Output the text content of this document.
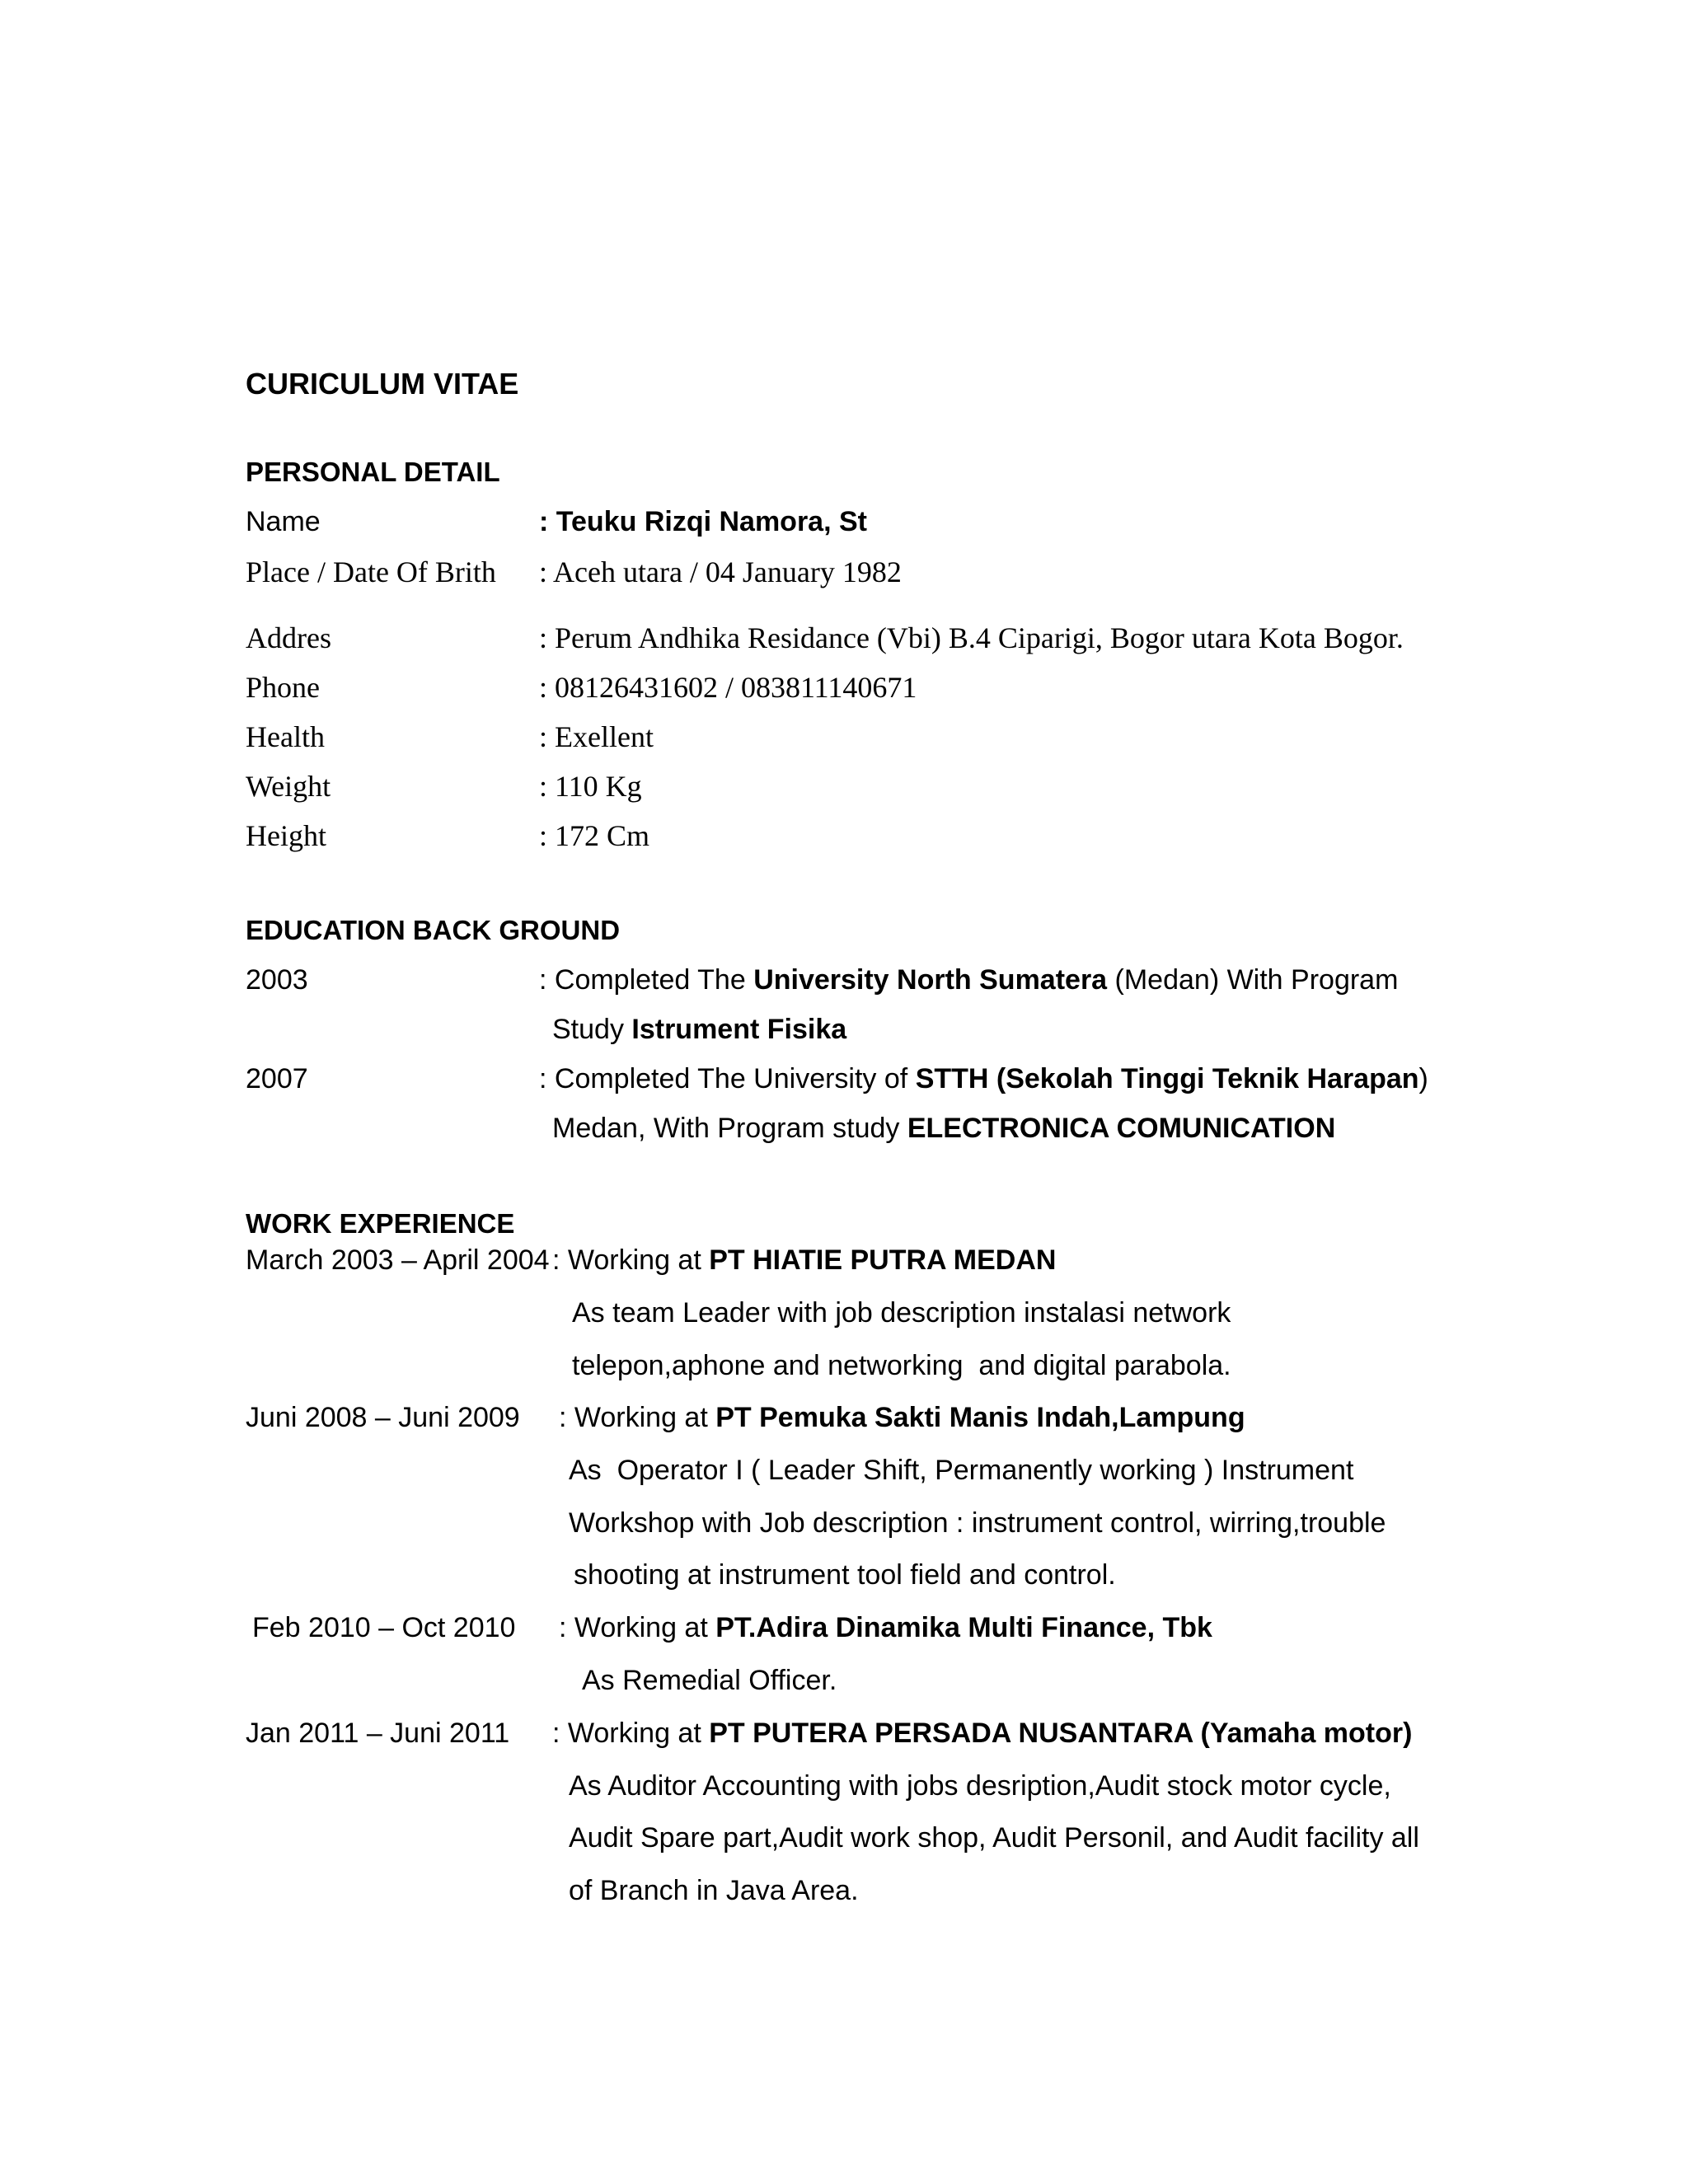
CURICULUM VITAE
PERSONAL DETAIL
Name	: Teuku Rizqi Namora, St
Place / Date Of Brith : Aceh utara / 04 January 1982
Addres	: Perum Andhika Residance (Vbi) B.4 Ciparigi, Bogor utara Kota Bogor.
Phone	: 08126431602 / 083811140671
Health	: Exellent
Weight	: 110 Kg
Height	: 172 Cm
EDUCATION BACK GROUND
2003	: Completed The University North Sumatera (Medan) With Program
Study Istrument Fisika
2007	: Completed The University of STTH (Sekolah Tinggi Teknik Harapan)
Medan, With Program study ELECTRONICA COMUNICATION
WORK EXPERIENCE
March 2003 – April 2004 : Working at PT HIATIE PUTRA MEDAN
As team Leader with job description instalasi network
telepon,aphone and networking  and digital parabola.
Juni 2008 – Juni 2009 : Working at PT Pemuka Sakti Manis Indah,Lampung
As  Operator I ( Leader Shift, Permanently working ) Instrument
Workshop with Job description : instrument control, wirring,trouble
shooting at instrument tool field and control.
Feb 2010 – Oct 2010 : Working at PT.Adira Dinamika Multi Finance, Tbk
As Remedial Officer.
Jan 2011 – Juni 2011 : Working at PT PUTERA PERSADA NUSANTARA (Yamaha motor)
As Auditor Accounting with jobs desription,Audit stock motor cycle,
Audit Spare part,Audit work shop, Audit Personil, and Audit facility all
of Branch in Java Area.
